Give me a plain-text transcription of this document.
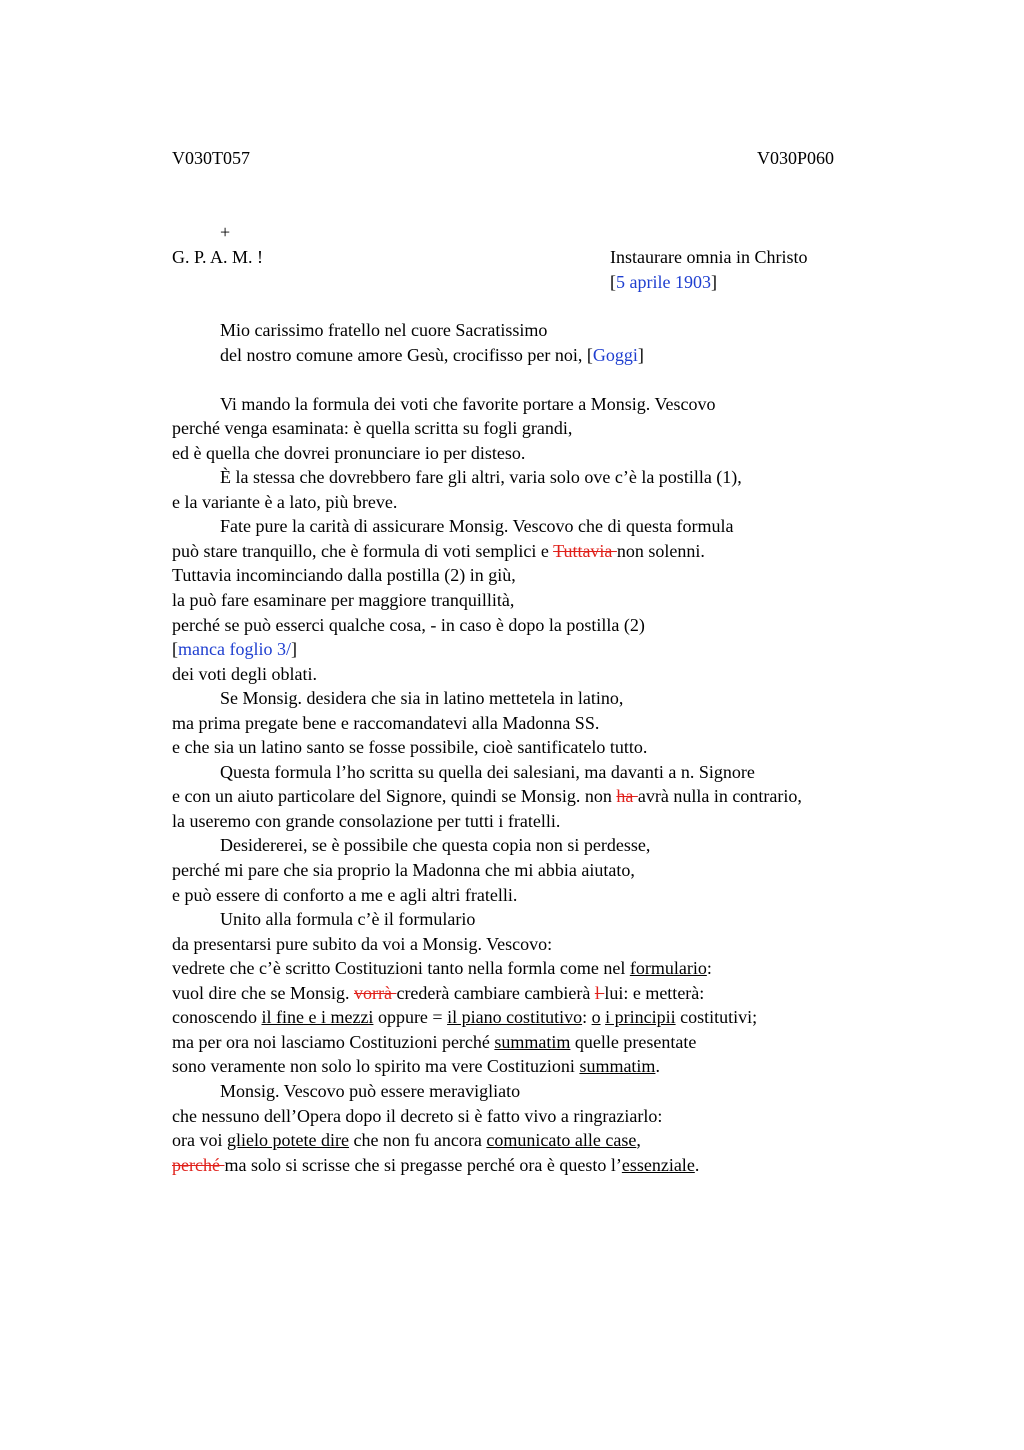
V030T057	V030P060
+
G. P. A. M. !	Instaurare omnia in Christo
[5 aprile 1903]
Mio carissimo fratello nel cuore Sacratissimo
del nostro comune amore Gesù, crocifisso per noi, [Goggi]
Vi mando la formula dei voti che favorite portare a Monsig. Vescovo
perché venga esaminata: è quella scritta su fogli grandi,
ed è quella che dovrei pronunciare io per disteso.
È la stessa che dovrebbero fare gli altri, varia solo ove c’è la postilla (1),
e la variante è a lato, più breve.
Fate pure la carità di assicurare Monsig. Vescovo che di questa formula
può stare tranquillo, che è formula di voti semplici e Tuttavia non solenni.
Tuttavia incominciando dalla postilla (2) in giù,
la può fare esaminare per maggiore tranquillità,
perché se può esserci qualche cosa, - in caso è dopo la postilla (2)
[manca foglio 3/]
dei voti degli oblati.
Se Monsig. desidera che sia in latino mettetela in latino,
ma prima pregate bene e raccomandatevi alla Madonna SS.
e che sia un latino santo se fosse possibile, cioè santificatelo tutto.
Questa formula l’ho scritta su quella dei salesiani, ma davanti a n. Signore
e con un aiuto particolare del Signore, quindi se Monsig. non ha avrà nulla in contrario,
la useremo con grande consolazione per tutti i fratelli.
Desidererei, se è possibile che questa copia non si perdesse,
perché mi pare che sia proprio la Madonna che mi abbia aiutato,
e può essere di conforto a me e agli altri fratelli.
Unito alla formula c’è il formulario
da presentarsi pure subito da voi a Monsig. Vescovo:
vedrete che c’è scritto Costituzioni tanto nella formla come nel formulario:
vuol dire che se Monsig. vorrà crederà cambiare cambierà l lui: e metterà:
conoscendo il fine e i mezzi oppure = il piano costitutivo: o i principii costitutivi;
ma per ora noi lasciamo Costituzioni perché summatim quelle presentate
sono veramente non solo lo spirito ma vere Costituzioni summatim.
Monsig. Vescovo può essere meravigliato
che nessuno dell’Opera dopo il decreto si è fatto vivo a ringraziarlo:
ora voi glielo potete dire che non fu ancora comunicato alle case,
perché ma solo si scrisse che si pregasse perché ora è questo l’essenziale.
